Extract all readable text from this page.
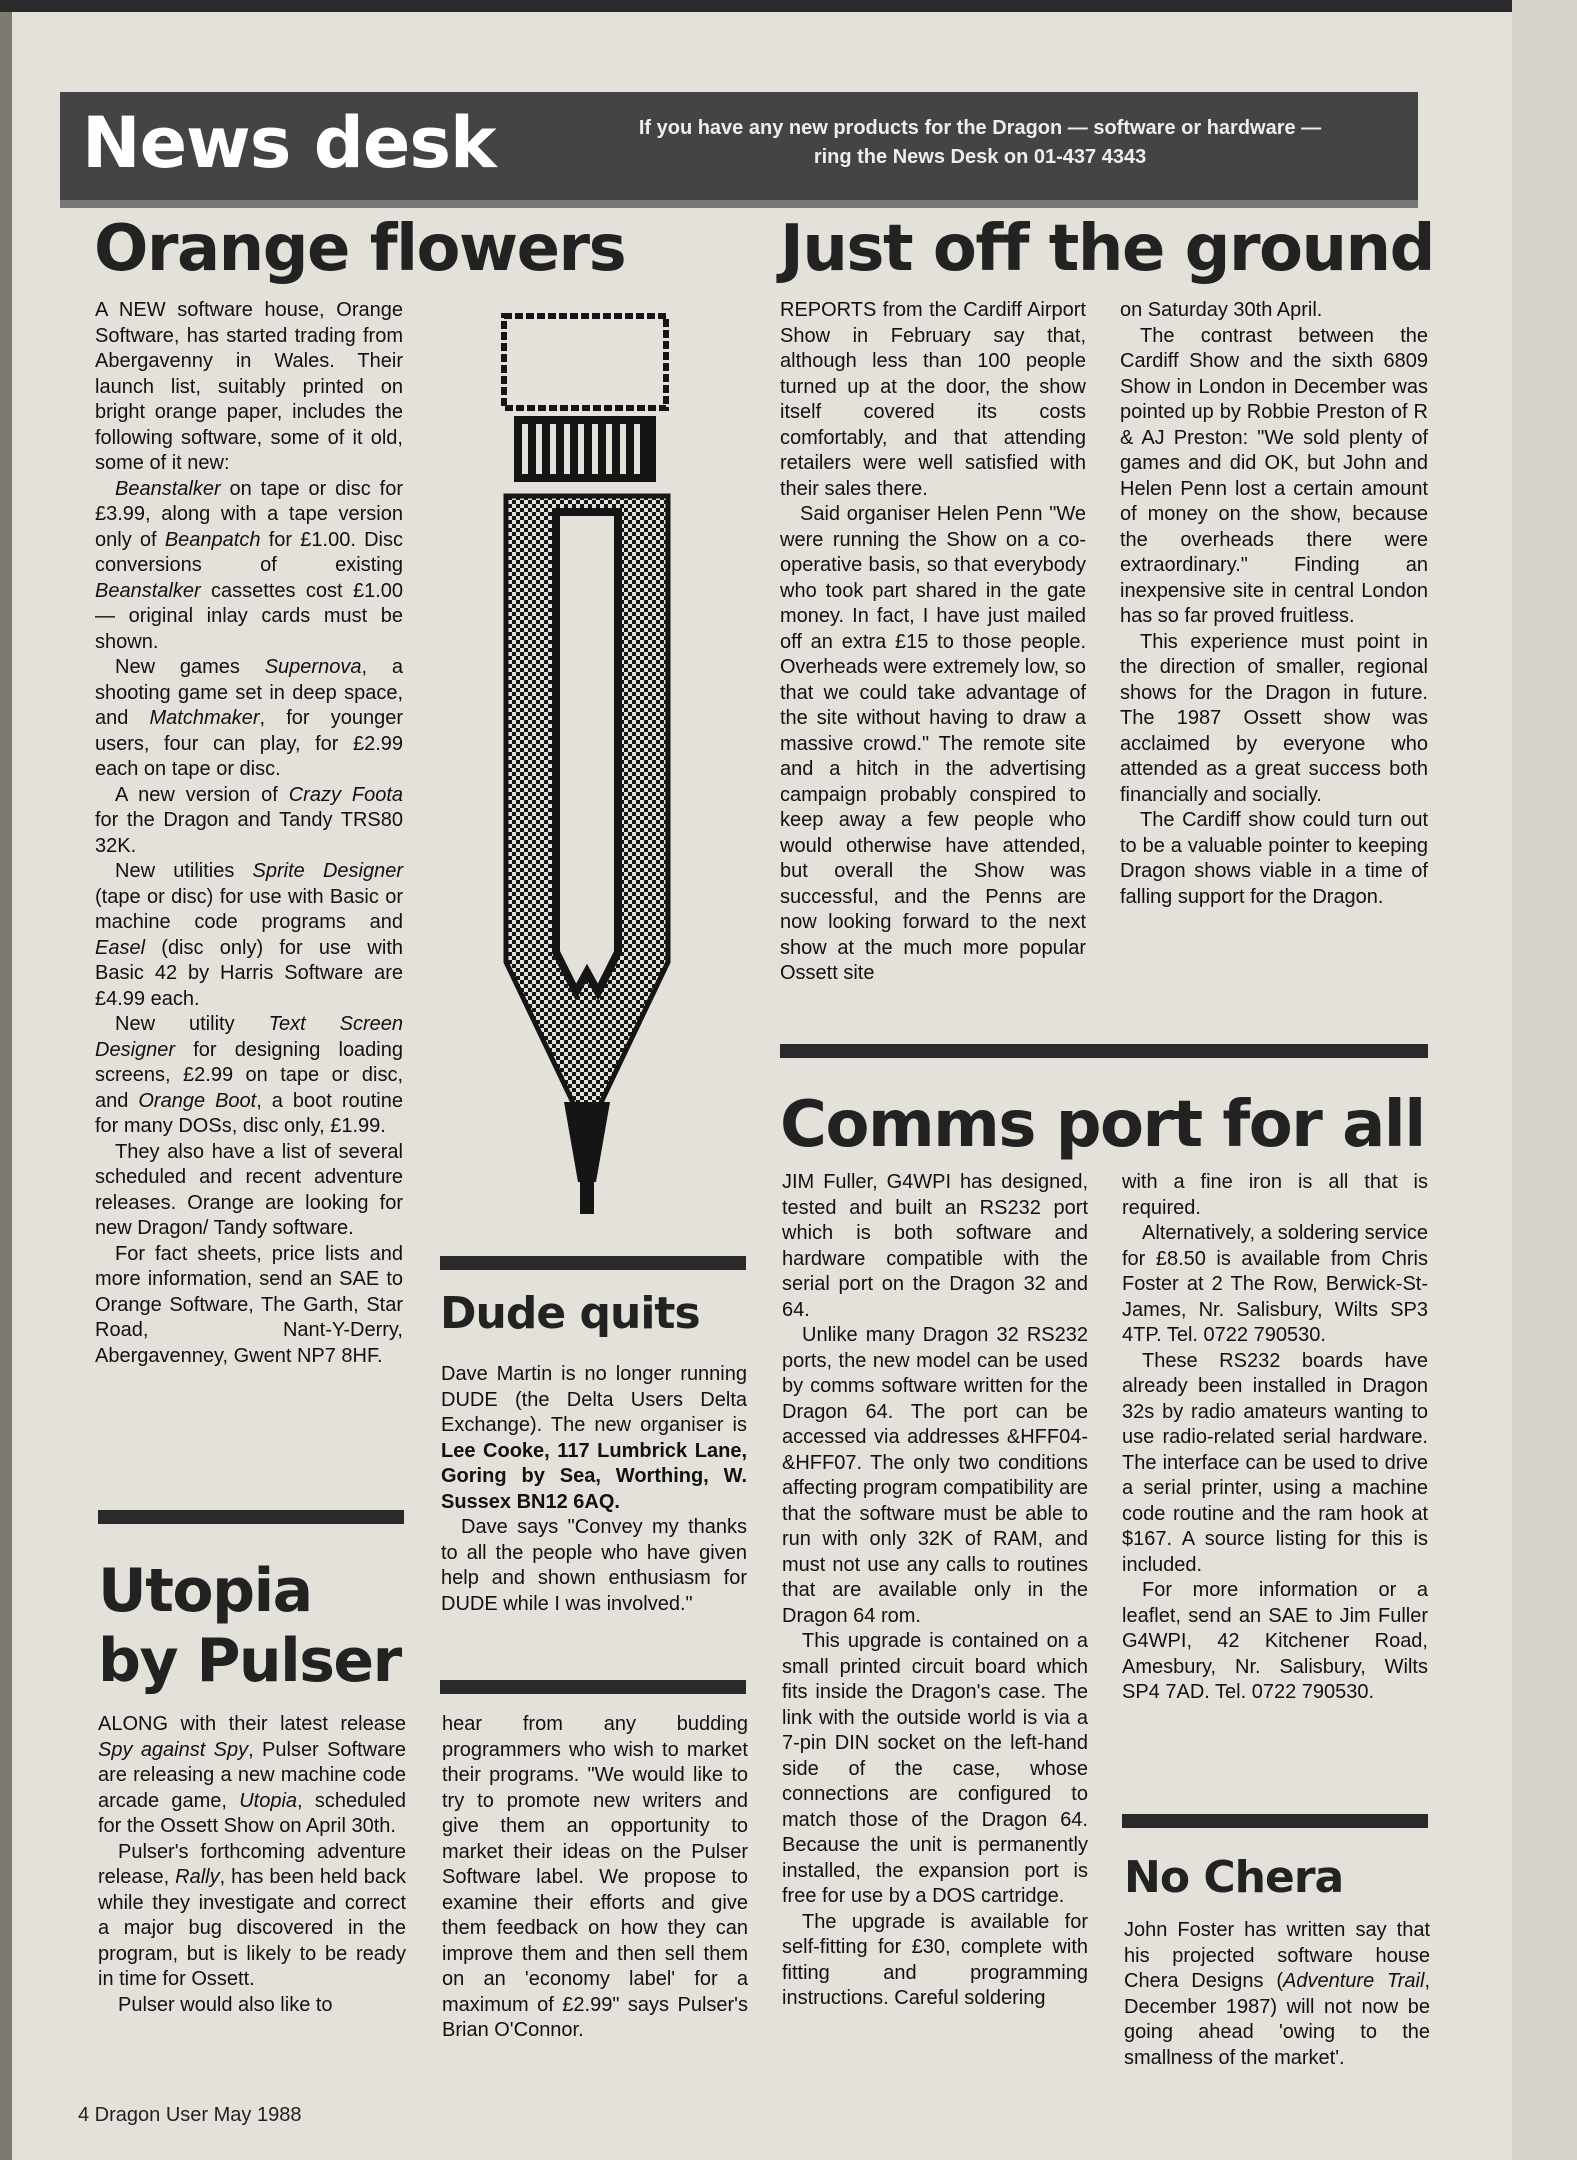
News desk	If you have any new products for the Dragon — software or hardware —
ring the News Desk on 01-437 4343
Orange flowers

A NEW software house, Orange Software, has started trading from Abergavenny in Wales. Their launch list, suitably printed on bright orange paper, includes the following software, some of it old, some of it new:

Beanstalker on tape or disc for £3.99, along with a tape version only of Beanpatch for £1.00. Disc conversions of existing Beanstalker cassettes cost £1.00 — original inlay cards must be shown.

New games Supernova, a shooting game set in deep space, and Matchmaker, for younger users, four can play, for £2.99 each on tape or disc.

A new version of Crazy Foota for the Dragon and Tandy TRS80 32K.

New utilities Sprite Designer (tape or disc) for use with Basic or machine code programs and Easel (disc only) for use with Basic 42 by Harris Software are £4.99 each.

New utility Text Screen Designer for designing loading screens, £2.99 on tape or disc, and Orange Boot, a boot routine for many DOSs, disc only, £1.99.

They also have a list of several scheduled and recent adventure releases. Orange are looking for new Dragon/ Tandy software.

For fact sheets, price lists and more information, send an SAE to Orange Software, The Garth, Star Road, Nant-Y-Derry, Abergavenney, Gwent NP7 8HF.

Dude quits

Dave Martin is no longer running DUDE (the Delta Users Delta Exchange). The new organiser is Lee Cooke, 117 Lumbrick Lane, Goring by Sea, Worthing, W. Sussex BN12 6AQ.

Dave says "Convey my thanks to all the people who have given help and shown enthusiasm for DUDE while I was involved."

Utopia
by Pulser

ALONG with their latest release Spy against Spy, Pulser Software are releasing a new machine code arcade game, Utopia, scheduled for the Ossett Show on April 30th.

Pulser's forthcoming adventure release, Rally, has been held back while they investigate and correct a major bug discovered in the program, but is likely to be ready in time for Ossett.

Pulser would also like to

hear from any budding programmers who wish to market their programs. "We would like to try to promote new writers and give them an opportunity to market their ideas on the Pulser Software label. We propose to examine their efforts and give them feedback on how they can improve them and then sell them on an 'economy label' for a maximum of £2.99" says Pulser's Brian O'Connor.

Just off the ground

REPORTS from the Cardiff Airport Show in February say that, although less than 100 people turned up at the door, the show itself covered its costs comfortably, and that attending retailers were well satisfied with their sales there.

Said organiser Helen Penn "We were running the Show on a co-operative basis, so that everybody who took part shared in the gate money. In fact, I have just mailed off an extra £15 to those people. Overheads were extremely low, so that we could take advantage of the site without having to draw a massive crowd." The remote site and a hitch in the advertising campaign probably conspired to keep away a few people who would otherwise have attended, but overall the Show was successful, and the Penns are now looking forward to the next show at the much more popular Ossett site

on Saturday 30th April.

The contrast between the Cardiff Show and the sixth 6809 Show in London in December was pointed up by Robbie Preston of R & AJ Preston: "We sold plenty of games and did OK, but John and Helen Penn lost a certain amount of money on the show, because the overheads there were extraordinary." Finding an inexpensive site in central London has so far proved fruitless.

This experience must point in the direction of smaller, regional shows for the Dragon in future. The 1987 Ossett show was acclaimed by everyone who attended as a great success both financially and socially.

The Cardiff show could turn out to be a valuable pointer to keeping Dragon shows viable in a time of falling support for the Dragon.

Comms port for all

JIM Fuller, G4WPI has designed, tested and built an RS232 port which is both software and hardware compatible with the serial port on the Dragon 32 and 64.

Unlike many Dragon 32 RS232 ports, the new model can be used by comms software written for the Dragon 64. The port can be accessed via addresses &HFF04-&HFF07. The only two conditions affecting program compatibility are that the software must be able to run with only 32K of RAM, and must not use any calls to routines that are available only in the Dragon 64 rom.

This upgrade is contained on a small printed circuit board which fits inside the Dragon's case. The link with the outside world is via a 7-pin DIN socket on the left-hand side of the case, whose connections are configured to match those of the Dragon 64. Because the unit is permanently installed, the expansion port is free for use by a DOS cartridge.

The upgrade is available for self-fitting for £30, complete with fitting and programming instructions. Careful soldering

with a fine iron is all that is required.

Alternatively, a soldering service for £8.50 is available from Chris Foster at 2 The Row, Berwick-St-James, Nr. Salisbury, Wilts SP3 4TP. Tel. 0722 790530.

These RS232 boards have already been installed in Dragon 32s by radio amateurs wanting to use radio-related serial hardware. The interface can be used to drive a serial printer, using a machine code routine and the ram hook at $167. A source listing for this is included.

For more information or a leaflet, send an SAE to Jim Fuller G4WPI, 42 Kitchener Road, Amesbury, Nr. Salisbury, Wilts SP4 7AD. Tel. 0722 790530.

No Chera

John Foster has written say that his projected software house Chera Designs (Adventure Trail, December 1987) will not now be going ahead 'owing to the smallness of the market'.

4 Dragon User May 1988
